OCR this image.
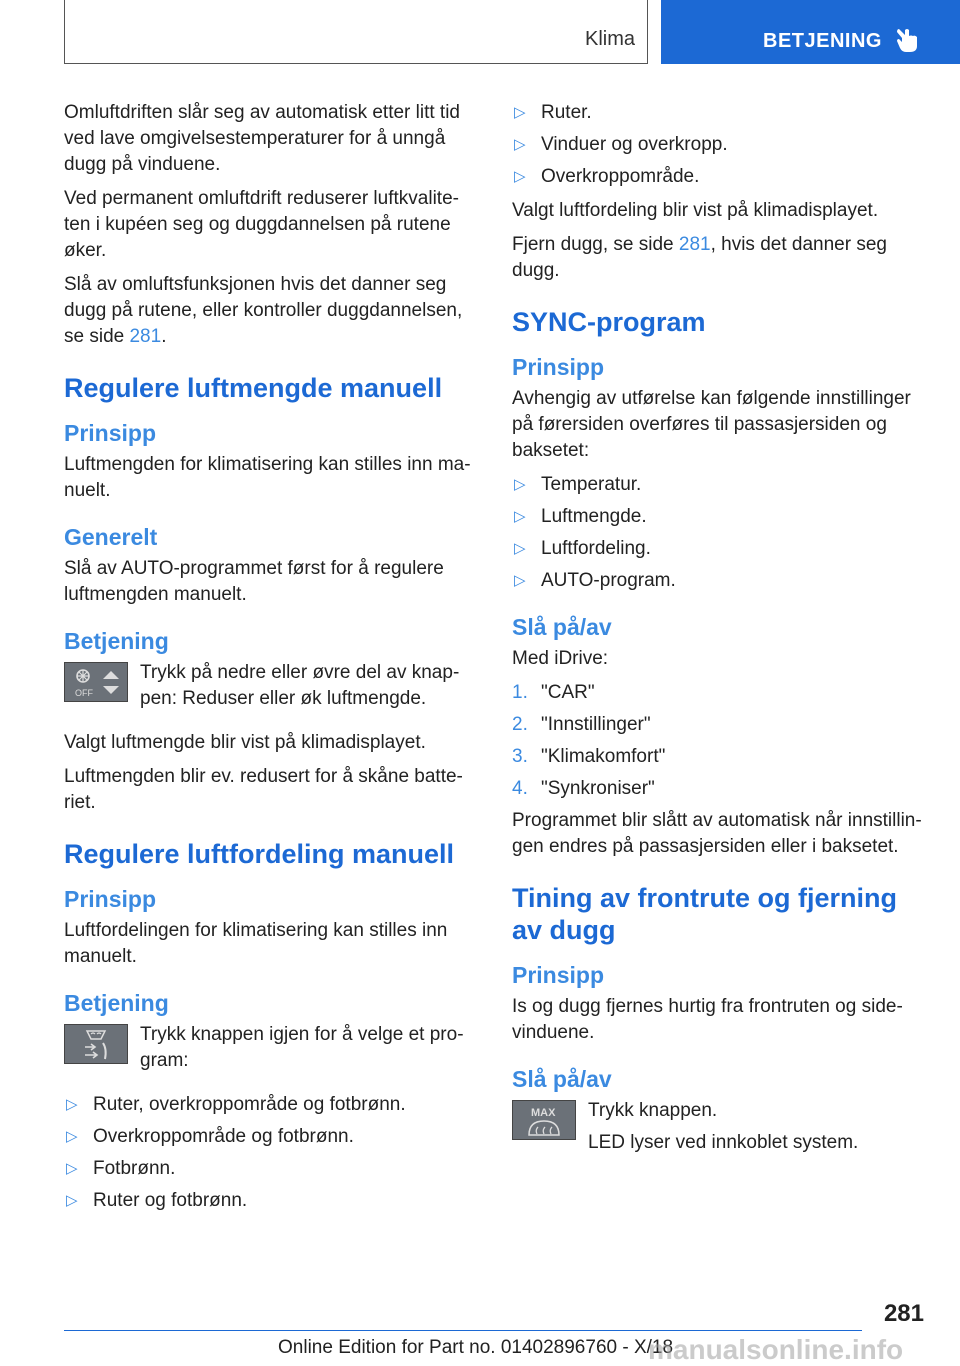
Klima	BETJENING

Omluftdriften slår seg av automatisk etter litt tid ved lave omgivelsestemperaturer for å unngå dugg på vinduene.

Ved permanent omluftdrift reduserer luftkvaliteten i kupéen seg og duggdannelsen på rutene øker.

Slå av omluftsfunksjonen hvis det danner seg dugg på rutene, eller kontroller duggdannelsen, se side 281.

Regulere luftmengde manuell
Prinsipp

Luftmengden for klimatisering kan stilles inn manuelt.

Generelt

Slå av AUTO-programmet først for å regulere luftmengden manuelt.

Betjening
OFF

Trykk på nedre eller øvre del av knappen: Reduser eller øk luftmengde.

Valgt luftmengde blir vist på klimadisplayet.

Luftmengden blir ev. redusert for å skåne batteriet.

Regulere luftfordeling manuell
Prinsipp

Luftfordelingen for klimatisering kan stilles inn manuelt.

Betjening

Trykk knappen igjen for å velge et program:

▷ Ruter, overkroppområde og fotbrønn.
▷ Overkroppområde og fotbrønn.
▷ Fotbrønn.
▷ Ruter og fotbrønn.
▷ Ruter.
▷ Vinduer og overkropp.
▷ Overkroppområde.

Valgt luftfordeling blir vist på klimadisplayet.

Fjern dugg, se side 281, hvis det danner seg dugg.

SYNC-program
Prinsipp

Avhengig av utførelse kan følgende innstillinger på førersiden overføres til passasjersiden og baksetet:

▷ Temperatur.
▷ Luftmengde.
▷ Luftfordeling.
▷ AUTO-program.
Slå på/av

Med iDrive:

1. "CAR"
2. "Innstillinger"
3. "Klimakomfort"
4. "Synkroniser"

Programmet blir slått av automatisk når innstillingen endres på passasjersiden eller i baksetet.

Tining av frontrute og fjerning av dugg
Prinsipp

Is og dugg fjernes hurtig fra frontruten og sidevinduene.

Slå på/av
MAX Trykk knappen.

LED lyser ved innkoblet system.

281
Online Edition for Part no. 01402896760 - X/18
manualsonline.info
